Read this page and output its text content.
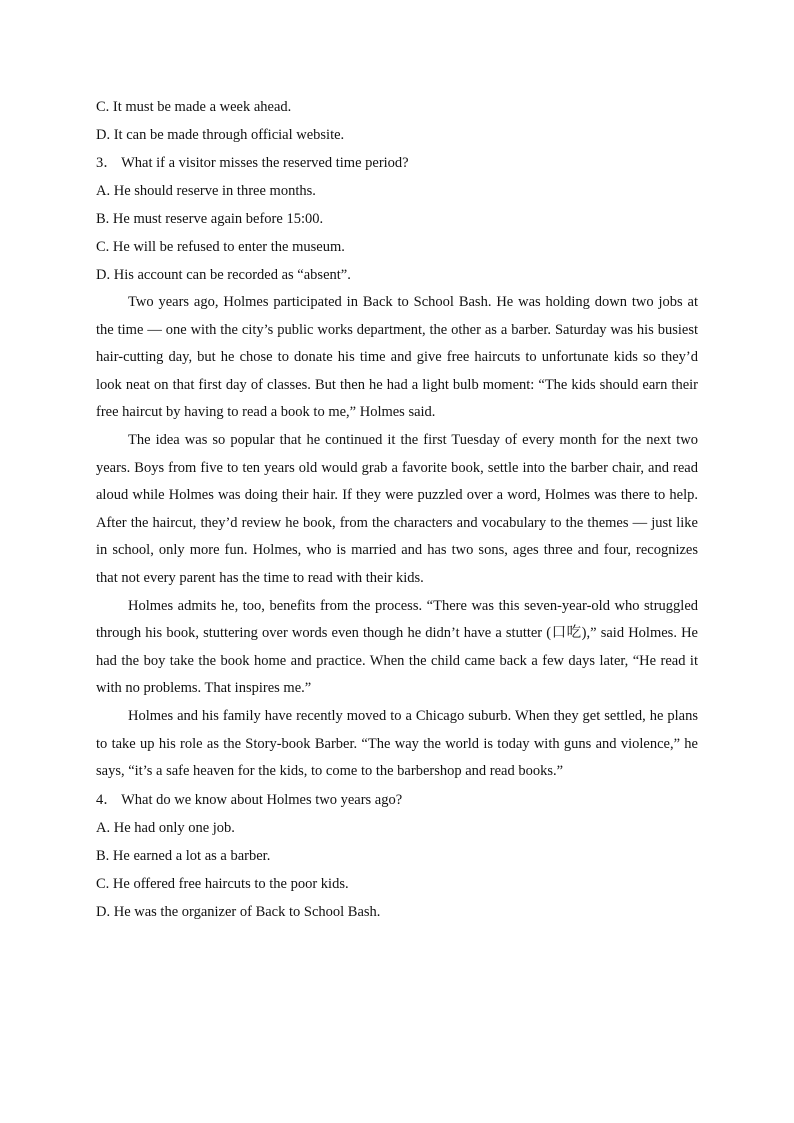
C. It must be made a week ahead.
D. It can be made through official website.
3． What if a visitor misses the reserved time period?
A. He should reserve in three months.
B. He must reserve again before 15:00.
C. He will be refused to enter the museum.
D. His account can be recorded as “absent”.

Two years ago, Holmes participated in Back to School Bash. He was holding down two jobs at the time — one with the city’s public works department, the other as a barber. Saturday was his busiest hair-cutting day, but he chose to donate his time and give free haircuts to unfortunate kids so they’d look neat on that first day of classes. But then he had a light bulb moment: “The kids should earn their free haircut by having to read a book to me,” Holmes said.

The idea was so popular that he continued it the first Tuesday of every month for the next two years. Boys from five to ten years old would grab a favorite book, settle into the barber chair, and read aloud while Holmes was doing their hair. If they were puzzled over a word, Holmes was there to help. After the haircut, they’d review he book, from the characters and vocabulary to the themes — just like in school, only more fun. Holmes, who is married and has two sons, ages three and four, recognizes that not every parent has the time to read with their kids.

Holmes admits he, too, benefits from the process. “There was this seven-year-old who struggled through his book, stuttering over words even though he didn’t have a stutter (口吃),” said Holmes. He had the boy take the book home and practice. When the child came back a few days later, “He read it with no problems. That inspires me.”

Holmes and his family have recently moved to a Chicago suburb. When they get settled, he plans to take up his role as the Story-book Barber. “The way the world is today with guns and violence,” he says, “it’s a safe heaven for the kids, to come to the barbershop and read books.”

4． What do we know about Holmes two years ago?
A. He had only one job.
B. He earned a lot as a barber.
C. He offered free haircuts to the poor kids.
D. He was the organizer of Back to School Bash.
